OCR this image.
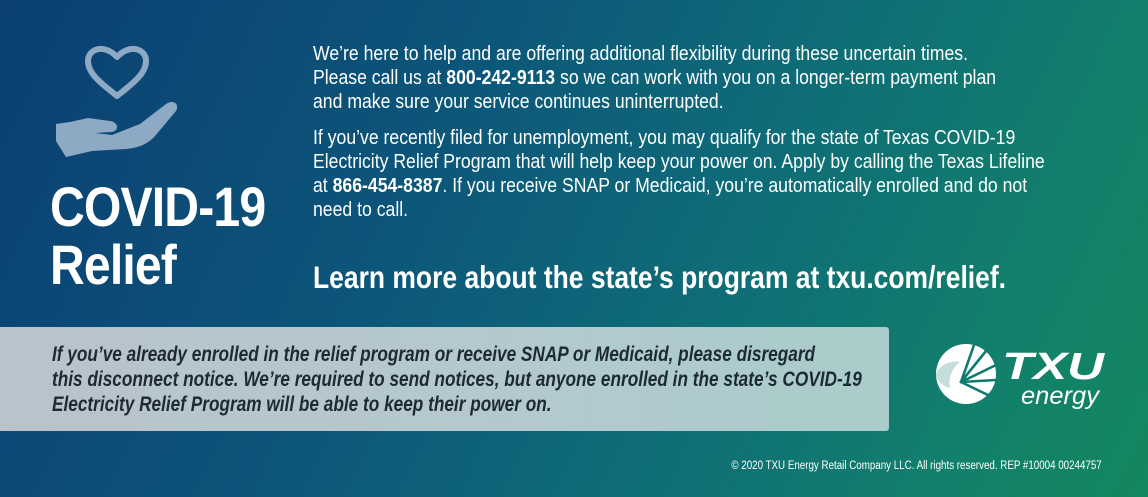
COVID-19
Relief

We’re here to help and are offering additional flexibility during these uncertain times.
Please call us at 800-242-9113 so we can work with you on a longer-term payment plan
and make sure your service continues uninterrupted.

If you’ve recently filed for unemployment, you may qualify for the state of Texas COVID-19
Electricity Relief Program that will help keep your power on. Apply by calling the Texas Lifeline
at 866-454-8387. If you receive SNAP or Medicaid, you’re automatically enrolled and do not
need to call.

Learn more about the state’s program at txu.com/relief.
If you’ve already enrolled in the relief program or receive SNAP or Medicaid, please disregard
this disconnect notice. We’re required to send notices, but anyone enrolled in the state’s COVID-19
Electricity Relief Program will be able to keep their power on.
TXU
energy
© 2020 TXU Energy Retail Company LLC. All rights reserved. REP #10004 00244757
